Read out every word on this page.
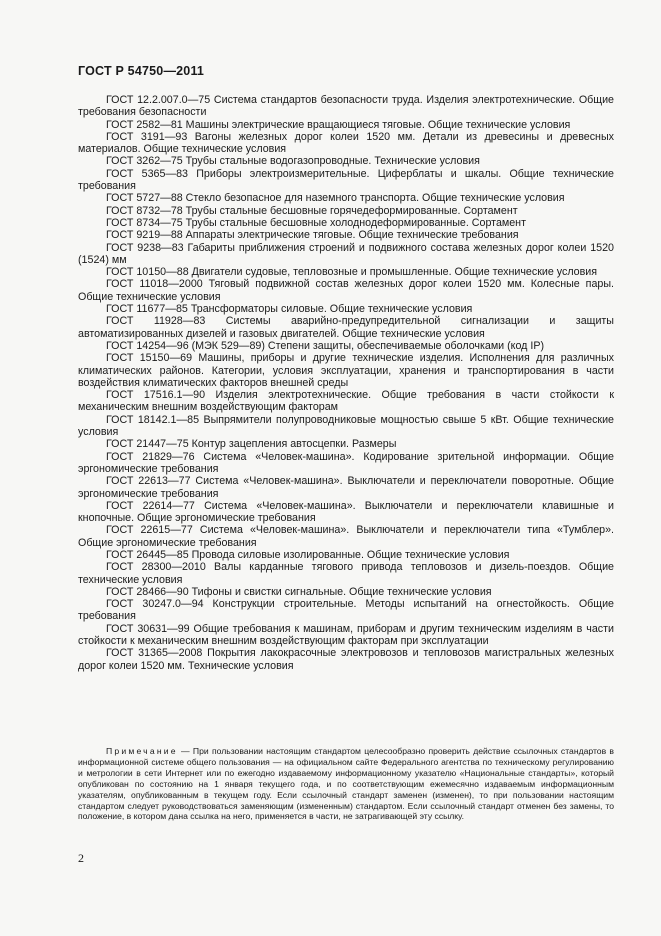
ГОСТ Р 54750—2011

ГОСТ 12.2.007.0—75 Система стандартов безопасности труда. Изделия электротехнические. Общие требования безопасности

ГОСТ 2582—81 Машины электрические вращающиеся тяговые. Общие технические условия

ГОСТ 3191—93 Вагоны железных дорог колеи 1520 мм. Детали из древесины и древесных материалов. Общие технические условия

ГОСТ 3262—75 Трубы стальные водогазопроводные. Технические условия

ГОСТ 5365—83 Приборы электроизмерительные. Циферблаты и шкалы. Общие технические требования

ГОСТ 5727—88 Стекло безопасное для наземного транспорта. Общие технические условия

ГОСТ 8732—78 Трубы стальные бесшовные горячедеформированные. Сортамент

ГОСТ 8734—75 Трубы стальные бесшовные холоднодеформированные. Сортамент

ГОСТ 9219—88 Аппараты электрические тяговые. Общие технические требования

ГОСТ 9238—83 Габариты приближения строений и подвижного состава железных дорог колеи 1520 (1524) мм

ГОСТ 10150—88 Двигатели судовые, тепловозные и промышленные. Общие технические условия

ГОСТ 11018—2000 Тяговый подвижной состав железных дорог колеи 1520 мм. Колесные пары. Общие технические условия

ГОСТ 11677—85 Трансформаторы силовые. Общие технические условия

ГОСТ 11928—83 Системы аварийно-предупредительной сигнализации и защиты автоматизированных дизелей и газовых двигателей. Общие технические условия

ГОСТ 14254—96 (МЭК 529—89) Степени защиты, обеспечиваемые оболочками (код IP)

ГОСТ 15150—69 Машины, приборы и другие технические изделия. Исполнения для различных климатических районов. Категории, условия эксплуатации, хранения и транспортирования в части воздействия климатических факторов внешней среды

ГОСТ 17516.1—90 Изделия электротехнические. Общие требования в части стойкости к механическим внешним воздействующим факторам

ГОСТ 18142.1—85 Выпрямители полупроводниковые мощностью свыше 5 кВт. Общие технические условия

ГОСТ 21447—75 Контур зацепления автосцепки. Размеры

ГОСТ 21829—76 Система «Человек-машина». Кодирование зрительной информации. Общие эргономические требования

ГОСТ 22613—77 Система «Человек-машина». Выключатели и переключатели поворотные. Общие эргономические требования

ГОСТ 22614—77 Система «Человек-машина». Выключатели и переключатели клавишные и кнопочные. Общие эргономические требования

ГОСТ 22615—77 Система «Человек-машина». Выключатели и переключатели типа «Тумблер». Общие эргономические требования

ГОСТ 26445—85 Провода силовые изолированные. Общие технические условия

ГОСТ 28300—2010 Валы карданные тягового привода тепловозов и дизель-поездов. Общие технические условия

ГОСТ 28466—90 Тифоны и свистки сигнальные. Общие технические условия

ГОСТ 30247.0—94 Конструкции строительные. Методы испытаний на огнестойкость. Общие требования

ГОСТ 30631—99 Общие требования к машинам, приборам и другим техническим изделиям в части стойкости к механическим внешним воздействующим факторам при эксплуатации

ГОСТ 31365—2008 Покрытия лакокрасочные электровозов и тепловозов магистральных железных дорог колеи 1520 мм. Технические условия

Примечание — При пользовании настоящим стандартом целесообразно проверить действие ссылочных стандартов в информационной системе общего пользования — на официальном сайте Федерального агентства по техническому регулированию и метрологии в сети Интернет или по ежегодно издаваемому информационному указателю «Национальные стандарты», который опубликован по состоянию на 1 января текущего года, и по соответствующим ежемесячно издаваемым информационным указателям, опубликованным в текущем году. Если ссылочный стандарт заменен (изменен), то при пользовании настоящим стандартом следует руководствоваться заменяющим (измененным) стандартом. Если ссылочный стандарт отменен без замены, то положение, в котором дана ссылка на него, применяется в части, не затрагивающей эту ссылку.
2
